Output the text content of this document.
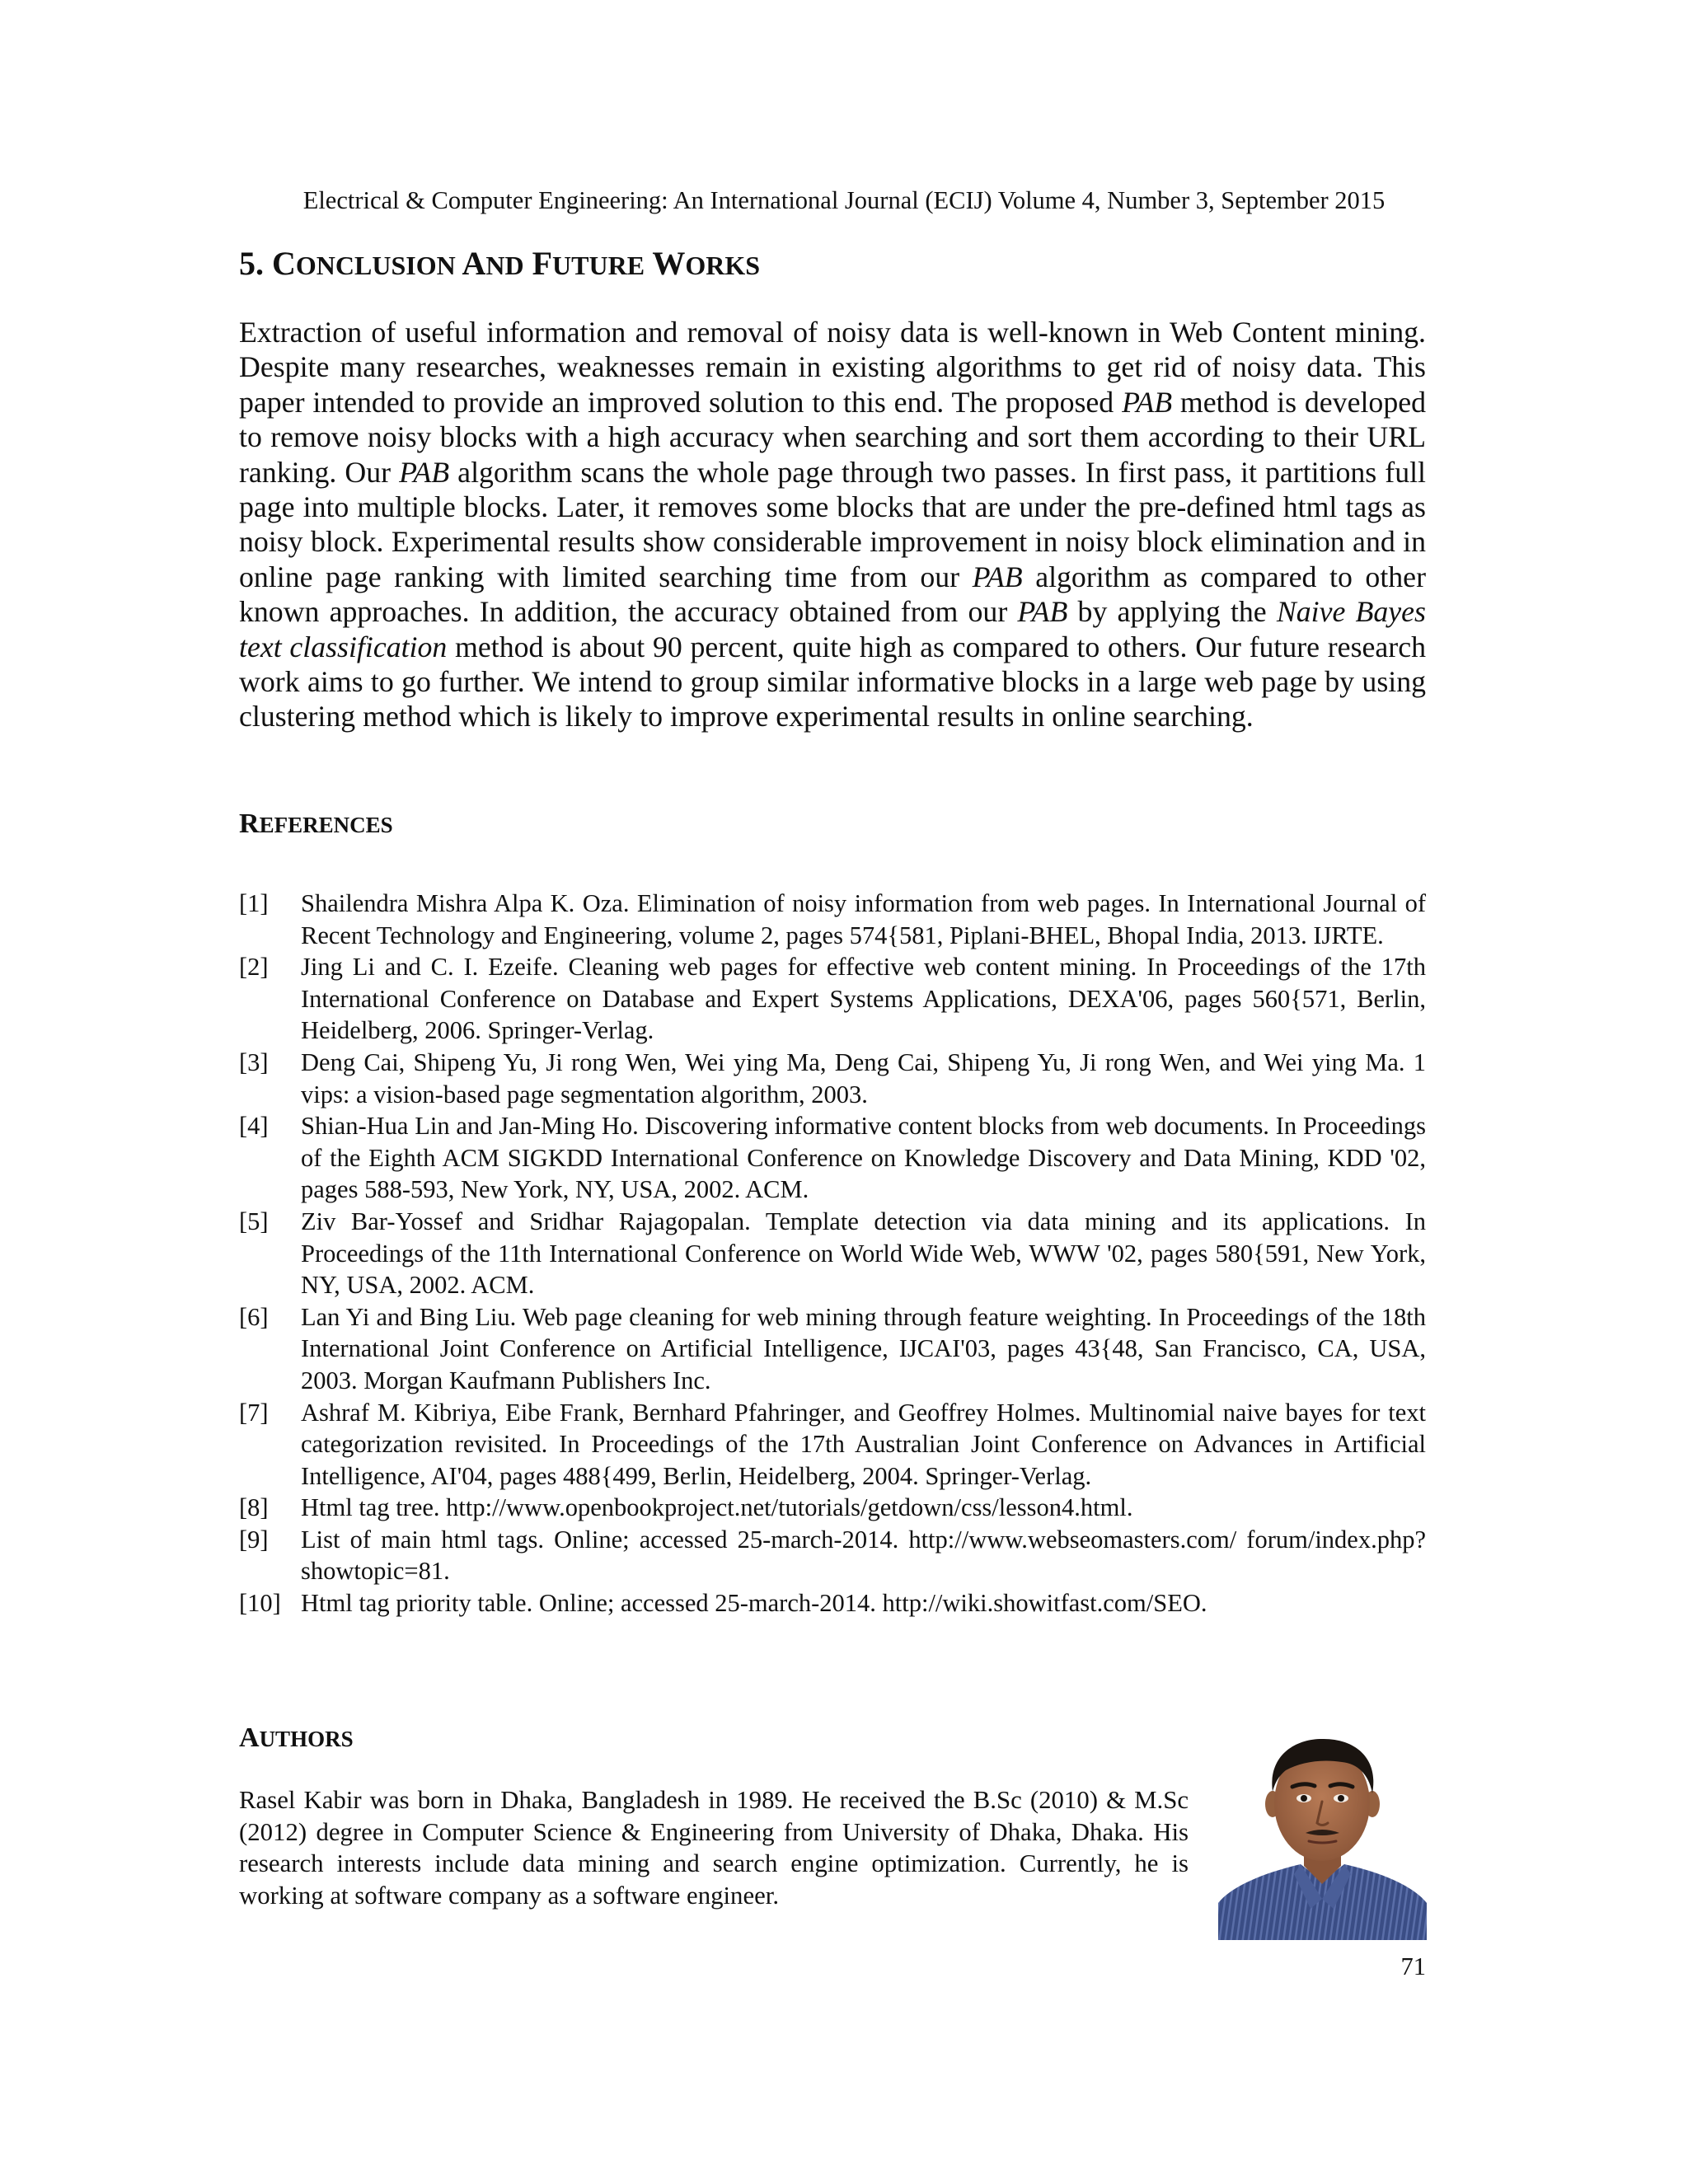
Electrical & Computer Engineering: An International Journal (ECIJ) Volume 4, Number 3, September 2015
5. CONCLUSION AND FUTURE WORKS

Extraction of useful information and removal of noisy data is well-known in Web Content mining. Despite many researches, weaknesses remain in existing algorithms to get rid of noisy data. This paper intended to provide an improved solution to this end. The proposed PAB method is developed to remove noisy blocks with a high accuracy when searching and sort them according to their URL ranking. Our PAB algorithm scans the whole page through two passes. In first pass, it partitions full page into multiple blocks. Later, it removes some blocks that are under the pre-defined html tags as noisy block. Experimental results show considerable improvement in noisy block elimination and in online page ranking with limited searching time from our PAB algorithm as compared to other known approaches. In addition, the accuracy obtained from our PAB by applying the Naive Bayes text classification method is about 90 percent, quite high as compared to others. Our future research work aims to go further. We intend to group similar informative blocks in a large web page by using clustering method which is likely to improve experimental results in online searching.

REFERENCES
[1] Shailendra Mishra Alpa K. Oza. Elimination of noisy information from web pages. In International Journal of Recent Technology and Engineering, volume 2, pages 574{581, Piplani-BHEL, Bhopal India, 2013. IJRTE.
[2] Jing Li and C. I. Ezeife. Cleaning web pages for effective web content mining. In Proceedings of the 17th International Conference on Database and Expert Systems Applications, DEXA'06, pages 560{571, Berlin, Heidelberg, 2006. Springer-Verlag.
[3] Deng Cai, Shipeng Yu, Ji rong Wen, Wei ying Ma, Deng Cai, Shipeng Yu, Ji rong Wen, and Wei ying Ma. 1 vips: a vision-based page segmentation algorithm, 2003.
[4] Shian-Hua Lin and Jan-Ming Ho. Discovering informative content blocks from web documents. In Proceedings of the Eighth ACM SIGKDD International Conference on Knowledge Discovery and Data Mining, KDD '02, pages 588-593, New York, NY, USA, 2002. ACM.
[5] Ziv Bar-Yossef and Sridhar Rajagopalan. Template detection via data mining and its applications. In Proceedings of the 11th International Conference on World Wide Web, WWW '02, pages 580{591, New York, NY, USA, 2002. ACM.
[6] Lan Yi and Bing Liu. Web page cleaning for web mining through feature weighting. In Proceedings of the 18th International Joint Conference on Artificial Intelligence, IJCAI'03, pages 43{48, San Francisco, CA, USA, 2003. Morgan Kaufmann Publishers Inc.
[7] Ashraf M. Kibriya, Eibe Frank, Bernhard Pfahringer, and Geoffrey Holmes. Multinomial naive bayes for text categorization revisited. In Proceedings of the 17th Australian Joint Conference on Advances in Artificial Intelligence, AI'04, pages 488{499, Berlin, Heidelberg, 2004. Springer-Verlag.
[8] Html tag tree. http://www.openbookproject.net/tutorials/getdown/css/lesson4.html.
[9] List of main html tags. Online; accessed 25-march-2014. http://www.webseomasters.com/ forum/index.php?showtopic=81.
[10] Html tag priority table. Online; accessed 25-march-2014. http://wiki.showitfast.com/SEO.
AUTHORS

Rasel Kabir was born in Dhaka, Bangladesh in 1989. He received the B.Sc (2010) & M.Sc (2012) degree in Computer Science & Engineering from University of Dhaka, Dhaka. His research interests include data mining and search engine optimization. Currently, he is working at software company as a software engineer.

71
